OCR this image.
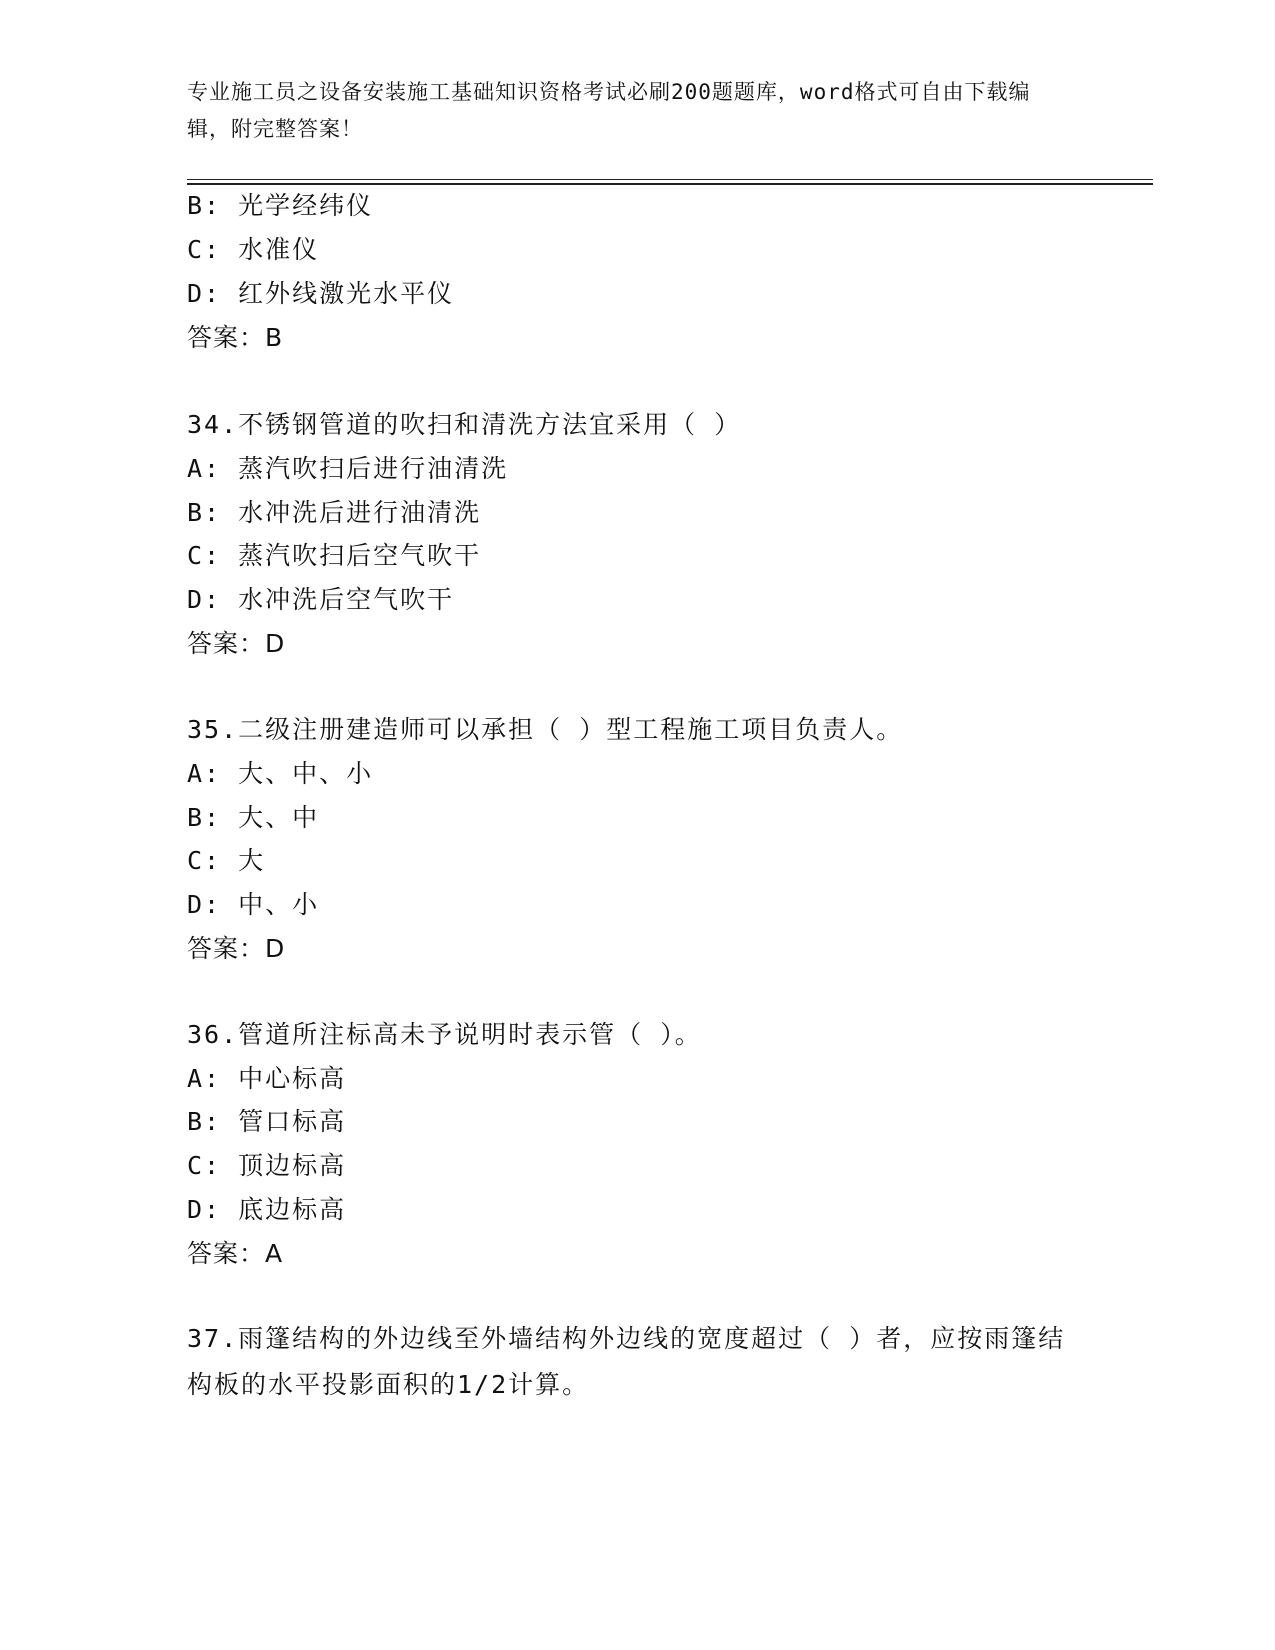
专业施工员之设备安装施工基础知识资格考试必刷200题题库，word格式可自由下载编辑，附完整答案！
B: 光学经纬仪
C: 水准仪
D: 红外线激光水平仪
答案：B
34.不锈钢管道的吹扫和清洗方法宜采用（ ）
A: 蒸汽吹扫后进行油清洗
B: 水冲洗后进行油清洗
C: 蒸汽吹扫后空气吹干
D: 水冲洗后空气吹干
答案：D
35.二级注册建造师可以承担（ ）型工程施工项目负责人。
A: 大、中、小
B: 大、中
C: 大
D: 中、小
答案：D
36.管道所注标高未予说明时表示管（ ）。
A: 中心标高
B: 管口标高
C: 顶边标高
D: 底边标高
答案：A
37.雨篷结构的外边线至外墙结构外边线的宽度超过（ ）者，应按雨篷结构板的水平投影面积的1/2计算。
